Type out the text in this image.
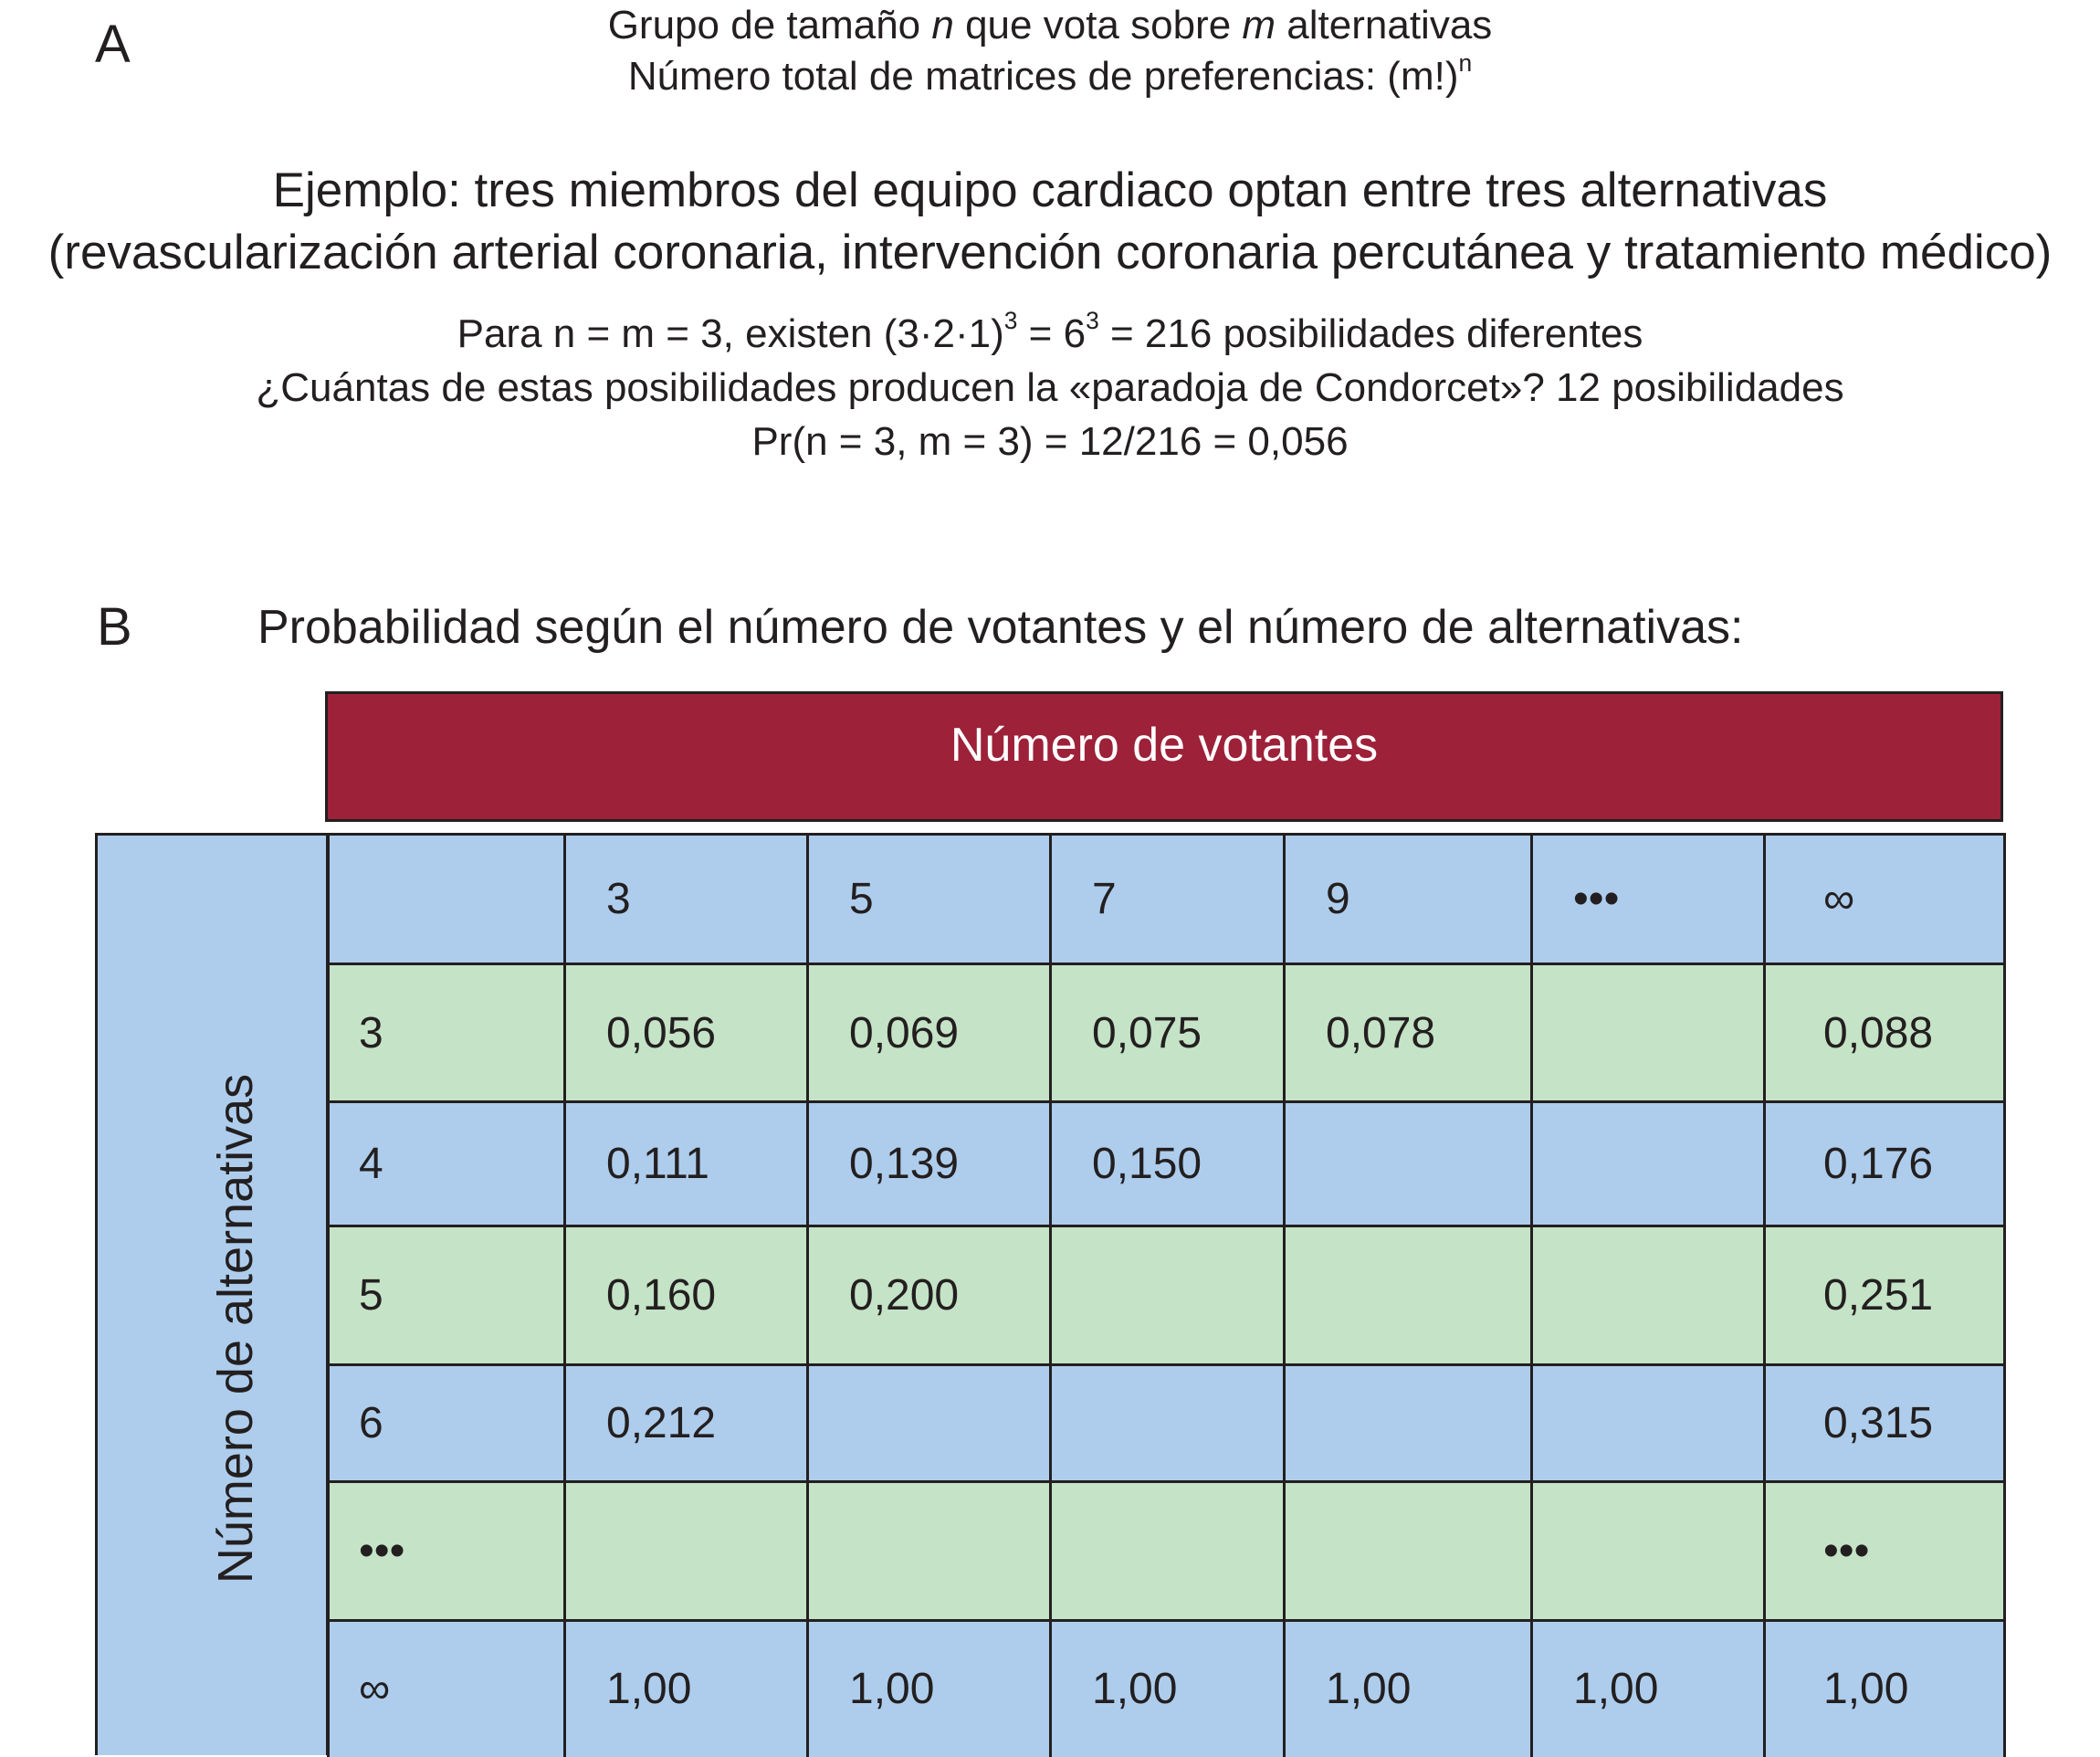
A	Grupo de tamaño n que vota sobre m alternativas
Número total de matrices de preferencias: $(m!)^n$
Ejemplo: tres miembros del equipo cardiaco optan entre tres alternativas
(revascularización arterial coronaria, intervención coronaria percutánea y tratamiento médico)
Para n = m = 3, existen $(3\cdot 2\cdot 1)^3 = 6^3 = 216$ posibilidades diferentes
¿Cuántas de estas posibilidades producen la «paradoja de Condorcet»? 12 posibilidades
Pr(n = 3, m = 3) = 12/216 = 0,056
B	Probabilidad según el número de votantes y el número de alternativas:
Número de votantes
Número de alternativas
	3	5	7	9	•••	∞
3	0,056	0,069	0,075	0,078		0,088
4	0,111	0,139	0,150			0,176
5	0,160	0,200				0,251
6	0,212					0,315
•••						•••
∞	1,00	1,00	1,00	1,00	1,00	1,00
